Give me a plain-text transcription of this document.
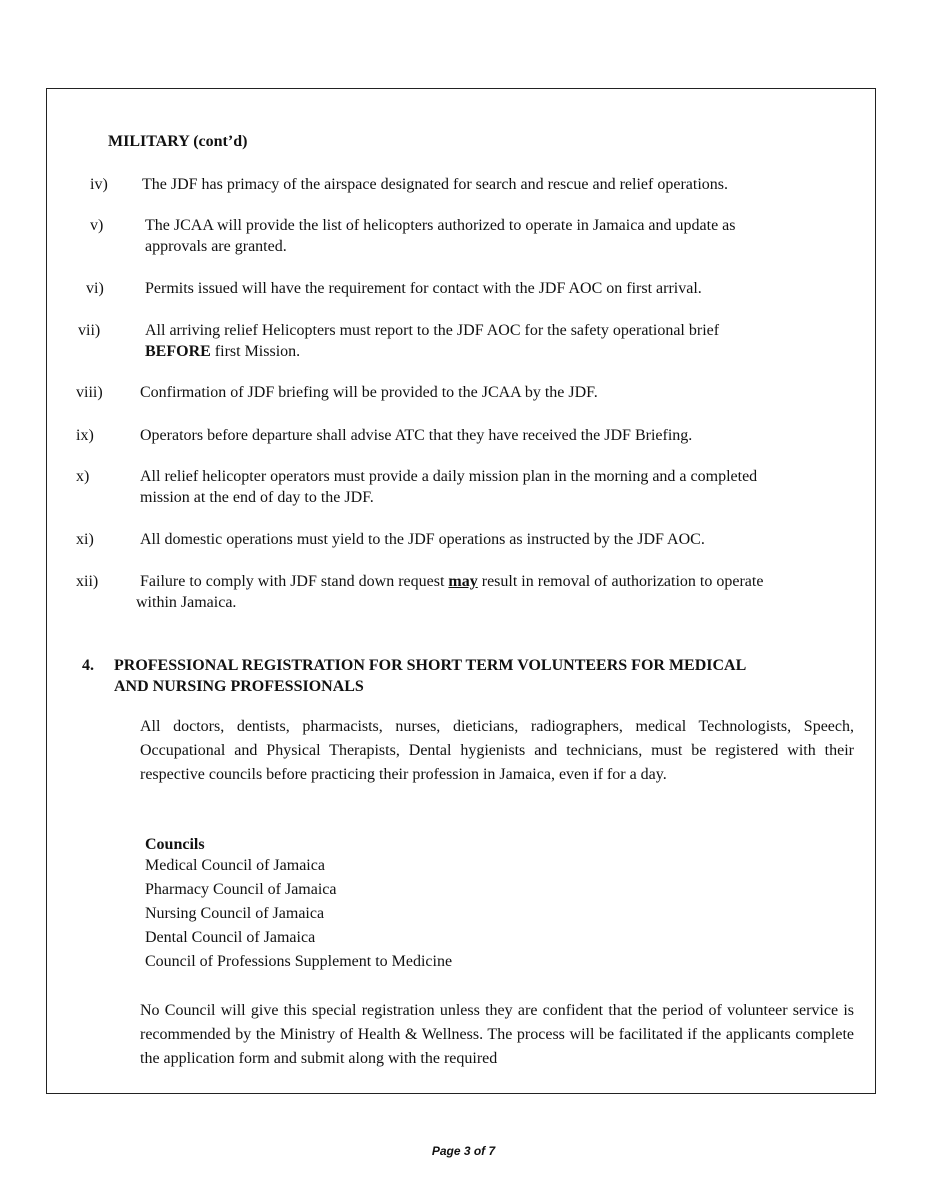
MILITARY (cont’d)
iv) The JDF has primacy of the airspace designated for search and rescue and relief operations.
v)	The JCAA will provide the list of helicopters authorized to operate in Jamaica and update as
approvals are granted.
vi)	Permits issued will have the requirement for contact with the JDF AOC on first arrival.
vii)	All arriving relief Helicopters must report to the JDF AOC for the safety operational brief
BEFORE first Mission.
viii) Confirmation of JDF briefing will be provided to the JCAA by the JDF.
ix)	Operators before departure shall advise ATC that they have received the JDF Briefing.
x)	All relief helicopter operators must provide a daily mission plan in the morning and a completed
mission at the end of day to the JDF.
xi)	All domestic operations must yield to the JDF operations as instructed by the JDF AOC.
xii)	Failure to comply with JDF stand down request may result in removal of authorization to operate
within Jamaica.
4. PROFESSIONAL REGISTRATION FOR SHORT TERM VOLUNTEERS FOR MEDICAL
AND NURSING PROFESSIONALS
All doctors, dentists, pharmacists, nurses, dieticians, radiographers, medical Technologists, Speech, Occupational and Physical Therapists, Dental hygienists and technicians, must be registered with their respective councils before practicing their profession in Jamaica, even if for a day.
Councils
Medical Council of Jamaica
Pharmacy Council of Jamaica
Nursing Council of Jamaica
Dental Council of Jamaica
Council of Professions Supplement to Medicine
No Council will give this special registration unless they are confident that the period of volunteer service is recommended by the Ministry of Health & Wellness. The process will be facilitated if the applicants complete the application form and submit along with the required
Page 3 of 7
